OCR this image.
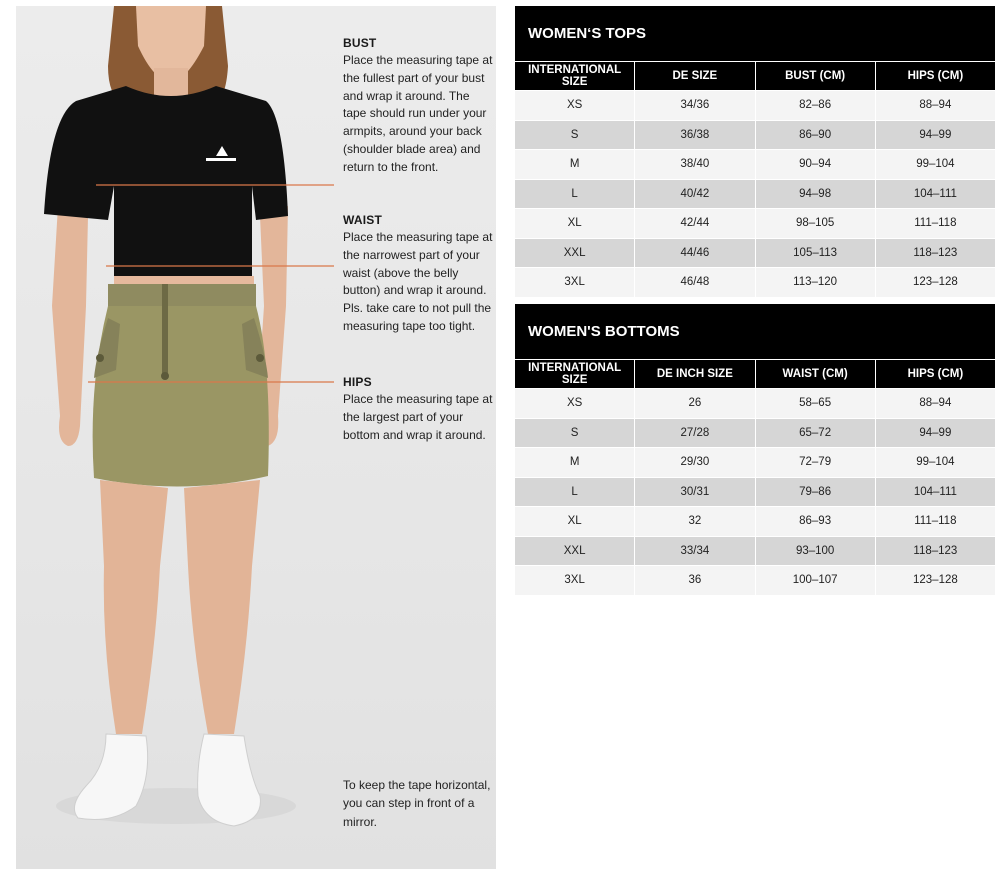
BUST
Place the measuring tape at the fullest part of your bust and wrap it around. The tape should run under your armpits, around your back (shoulder blade area) and return to the front.
WAIST
Place the measuring tape at the narrowest part of your waist (above the belly button) and wrap it around. Pls. take care to not pull the measuring tape too tight.
HIPS
Place the measuring tape at the largest part of your bottom and wrap it around.
To keep the tape horizontal, you can step in front of a mirror.
WOMEN‘S TOPS
INTERNATIONAL SIZE	DE SIZE	BUST (CM)	HIPS (CM)
XS	34/36	82–86	88–94
S	36/38	86–90	94–99
M	38/40	90–94	99–104
L	40/42	94–98	104–111
XL	42/44	98–105	111–118
XXL	44/46	105–113	118–123
3XL	46/48	113–120	123–128
WOMEN'S BOTTOMS
INTERNATIONAL SIZE	DE INCH SIZE	WAIST (CM)	HIPS (CM)
XS	26	58–65	88–94
S	27/28	65–72	94–99
M	29/30	72–79	99–104
L	30/31	79–86	104–111
XL	32	86–93	111–118
XXL	33/34	93–100	118–123
3XL	36	100–107	123–128
